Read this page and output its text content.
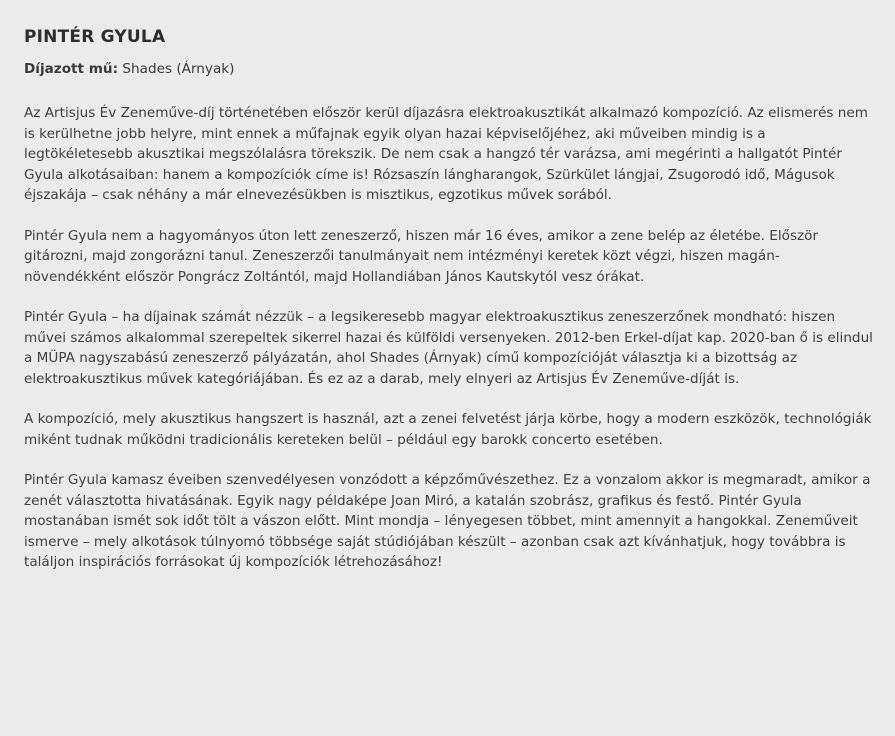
PINTÉR GYULA

Díjazott mű: Shades (Árnyak)

Az Artisjus Év Zeneműve-díj történetében először kerül díjazásra elektroakusztikát alkalmazó kompozíció. Az elismerés nem is kerülhetne jobb helyre, mint ennek a műfajnak egyik olyan hazai képviselőjéhez, aki műveiben mindig is a legtökéletesebb akusztikai megszólalásra törekszik. De nem csak a hangzó tér varázsa, ami megérinti a hallgatót Pintér Gyula alkotásaiban: hanem a kompozíciók címe is! Rózsaszín lángharangok, Szürkület lángjai, Zsugorodó idő, Mágusok éjszakája – csak néhány a már elnevezésükben is misztikus, egzotikus művek sorából.

Pintér Gyula nem a hagyományos úton lett zeneszerző, hiszen már 16 éves, amikor a zene belép az életébe. Először gitározni, majd zongorázni tanul. Zeneszerzői tanulmányait nem intézményi keretek közt végzi, hiszen magán-növendékként először Pongrácz Zoltántól, majd Hollandiában János Kautskytól vesz órákat.

Pintér Gyula – ha díjainak számát nézzük – a legsikeresebb magyar elektroakusztikus zeneszerzőnek mondható: hiszen művei számos alkalommal szerepeltek sikerrel hazai és külföldi versenyeken. 2012-ben Erkel-díjat kap. 2020-ban ő is elindul a MÜPA nagyszabású zeneszerző pályázatán, ahol Shades (Árnyak) című kompozícióját választja ki a bizottság az elektroakusztikus művek kategóriájában. És ez az a darab, mely elnyeri az Artisjus Év Zeneműve-díját is.

A kompozíció, mely akusztikus hangszert is használ, azt a zenei felvetést járja körbe, hogy a modern eszközök, technológiák miként tudnak működni tradicionális kereteken belül – például egy barokk concerto esetében.

Pintér Gyula kamasz éveiben szenvedélyesen vonzódott a képzőművészethez. Ez a vonzalom akkor is megmaradt, amikor a zenét választotta hivatásának. Egyik nagy példaképe Joan Miró, a katalán szobrász, grafikus és festő. Pintér Gyula mostanában ismét sok időt tölt a vászon előtt. Mint mondja – lényegesen többet, mint amennyit a hangokkal. Zeneműveit ismerve – mely alkotások túlnyomó többsége saját stúdiójában készült – azonban csak azt kívánhatjuk, hogy továbbra is találjon inspirációs forrásokat új kompozíciók létrehozásához!
